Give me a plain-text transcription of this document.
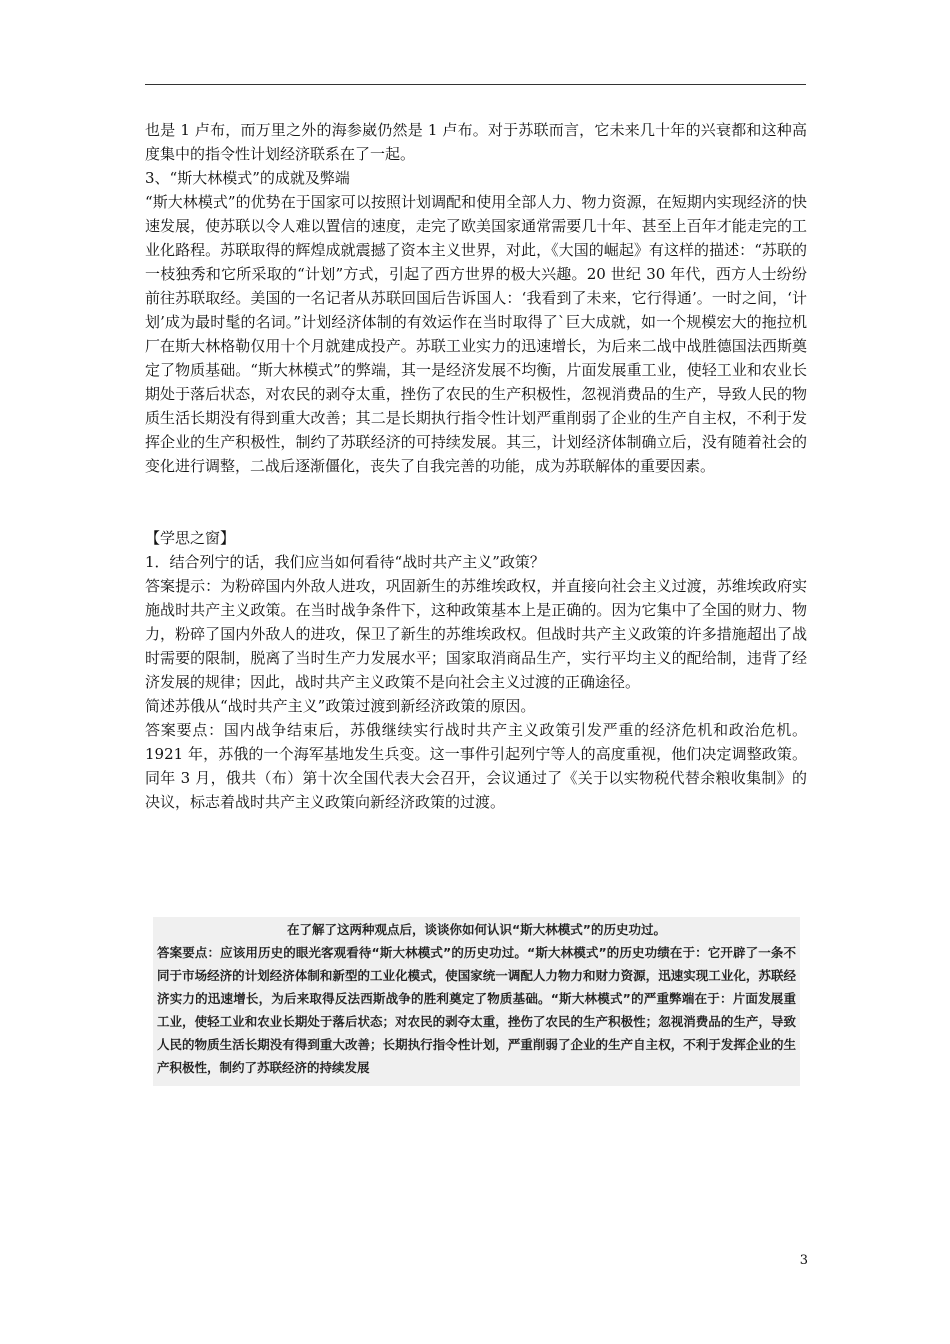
也是 1 卢布，而万里之外的海参崴仍然是 1 卢布。对于苏联而言，它未来几十年的兴衰都和这种高度集中的指令性计划经济联系在了一起。

3、“斯大林模式”的成就及弊端

“斯大林模式”的优势在于国家可以按照计划调配和使用全部人力、物力资源，在短期内实现经济的快速发展，使苏联以令人难以置信的速度，走完了欧美国家通常需要几十年、甚至上百年才能走完的工业化路程。苏联取得的辉煌成就震撼了资本主义世界，对此，《大国的崛起》有这样的描述：“苏联的一枝独秀和它所采取的“计划”方式，引起了西方世界的极大兴趣。20 世纪 30 年代，西方人士纷纷前往苏联取经。美国的一名记者从苏联回国后告诉国人：‘我看到了未来，它行得通’。一时之间，‘计划’成为最时髦的名词。”计划经济体制的有效运作在当时取得了`巨大成就，如一个规模宏大的拖拉机厂在斯大林格勒仅用十个月就建成投产。苏联工业实力的迅速增长，为后来二战中战胜德国法西斯奠定了物质基础。“斯大林模式”的弊端，其一是经济发展不均衡，片面发展重工业，使轻工业和农业长期处于落后状态，对农民的剥夺太重，挫伤了农民的生产积极性，忽视消费品的生产，导致人民的物质生活长期没有得到重大改善；其二是长期执行指令性计划严重削弱了企业的生产自主权，不利于发挥企业的生产积极性，制约了苏联经济的可持续发展。其三，计划经济体制确立后，没有随着社会的变化进行调整，二战后逐渐僵化，丧失了自我完善的功能，成为苏联解体的重要因素。

【学思之窗】

1．结合列宁的话，我们应当如何看待“战时共产主义”政策？

答案提示：为粉碎国内外敌人进攻，巩固新生的苏维埃政权，并直接向社会主义过渡，苏维埃政府实施战时共产主义政策。在当时战争条件下，这种政策基本上是正确的。因为它集中了全国的财力、物力，粉碎了国内外敌人的进攻，保卫了新生的苏维埃政权。但战时共产主义政策的许多措施超出了战时需要的限制，脱离了当时生产力发展水平；国家取消商品生产，实行平均主义的配给制，违背了经济发展的规律；因此，战时共产主义政策不是向社会主义过渡的正确途径。

简述苏俄从“战时共产主义”政策过渡到新经济政策的原因。

答案要点：国内战争结束后，苏俄继续实行战时共产主义政策引发严重的经济危机和政治危机。1921 年，苏俄的一个海军基地发生兵变。这一事件引起列宁等人的高度重视，他们决定调整政策。同年 3 月，俄共（布）第十次全国代表大会召开，会议通过了《关于以实物税代替余粮收集制》的决议，标志着战时共产主义政策向新经济政策的过渡。

在了解了这两种观点后，谈谈你如何认识“斯大林模式”的历史功过。

答案要点：应该用历史的眼光客观看待“斯大林模式”的历史功过。“斯大林模式”的历史功绩在于：它开辟了一条不同于市场经济的计划经济体制和新型的工业化模式，使国家统一调配人力物力和财力资源，迅速实现工业化，苏联经济实力的迅速增长，为后来取得反法西斯战争的胜利奠定了物质基础。“斯大林模式”的严重弊端在于：片面发展重工业，使轻工业和农业长期处于落后状态；对农民的剥夺太重，挫伤了农民的生产积极性；忽视消费品的生产，导致人民的物质生活长期没有得到重大改善；长期执行指令性计划，严重削弱了企业的生产自主权，不利于发挥企业的生产积极性，制约了苏联经济的持续发展

3
